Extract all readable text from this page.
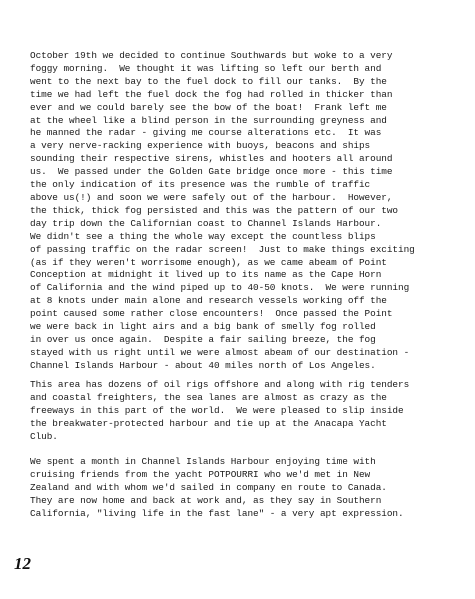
October 19th we decided to continue Southwards but woke to a very
foggy morning.  We thought it was lifting so left our berth and
went to the next bay to the fuel dock to fill our tanks.  By the
time we had left the fuel dock the fog had rolled in thicker than
ever and we could barely see the bow of the boat!  Frank left me
at the wheel like a blind person in the surrounding greyness and
he manned the radar - giving me course alterations etc.  It was
a very nerve-racking experience with buoys, beacons and ships
sounding their respective sirens, whistles and hooters all around
us.  We passed under the Golden Gate bridge once more - this time
the only indication of its presence was the rumble of traffic
above us(!) and soon we were safely out of the harbour.  However,
the thick, thick fog persisted and this was the pattern of our two
day trip down the Californian coast to Channel Islands Harbour.
We didn't see a thing the whole way except the countless blips
of passing traffic on the radar screen!  Just to make things exciting
(as if they weren't worrisome enough), as we came abeam of Point
Conception at midnight it lived up to its name as the Cape Horn
of California and the wind piped up to 40-50 knots.  We were running
at 8 knots under main alone and research vessels working off the
point caused some rather close encounters!  Once passed the Point
we were back in light airs and a big bank of smelly fog rolled
in over us once again.  Despite a fair sailing breeze, the fog
stayed with us right until we were almost abeam of our destination -
Channel Islands Harbour - about 40 miles north of Los Angeles.
This area has dozens of oil rigs offshore and along with rig tenders
and coastal freighters, the sea lanes are almost as crazy as the
freeways in this part of the world.  We were pleased to slip inside
the breakwater-protected harbour and tie up at the Anacapa Yacht
Club.
We spent a month in Channel Islands Harbour enjoying time with
cruising friends from the yacht POTPOURRI who we'd met in New
Zealand and with whom we'd sailed in company en route to Canada.
They are now home and back at work and, as they say in Southern
California, "living life in the fast lane" - a very apt expression.
12
